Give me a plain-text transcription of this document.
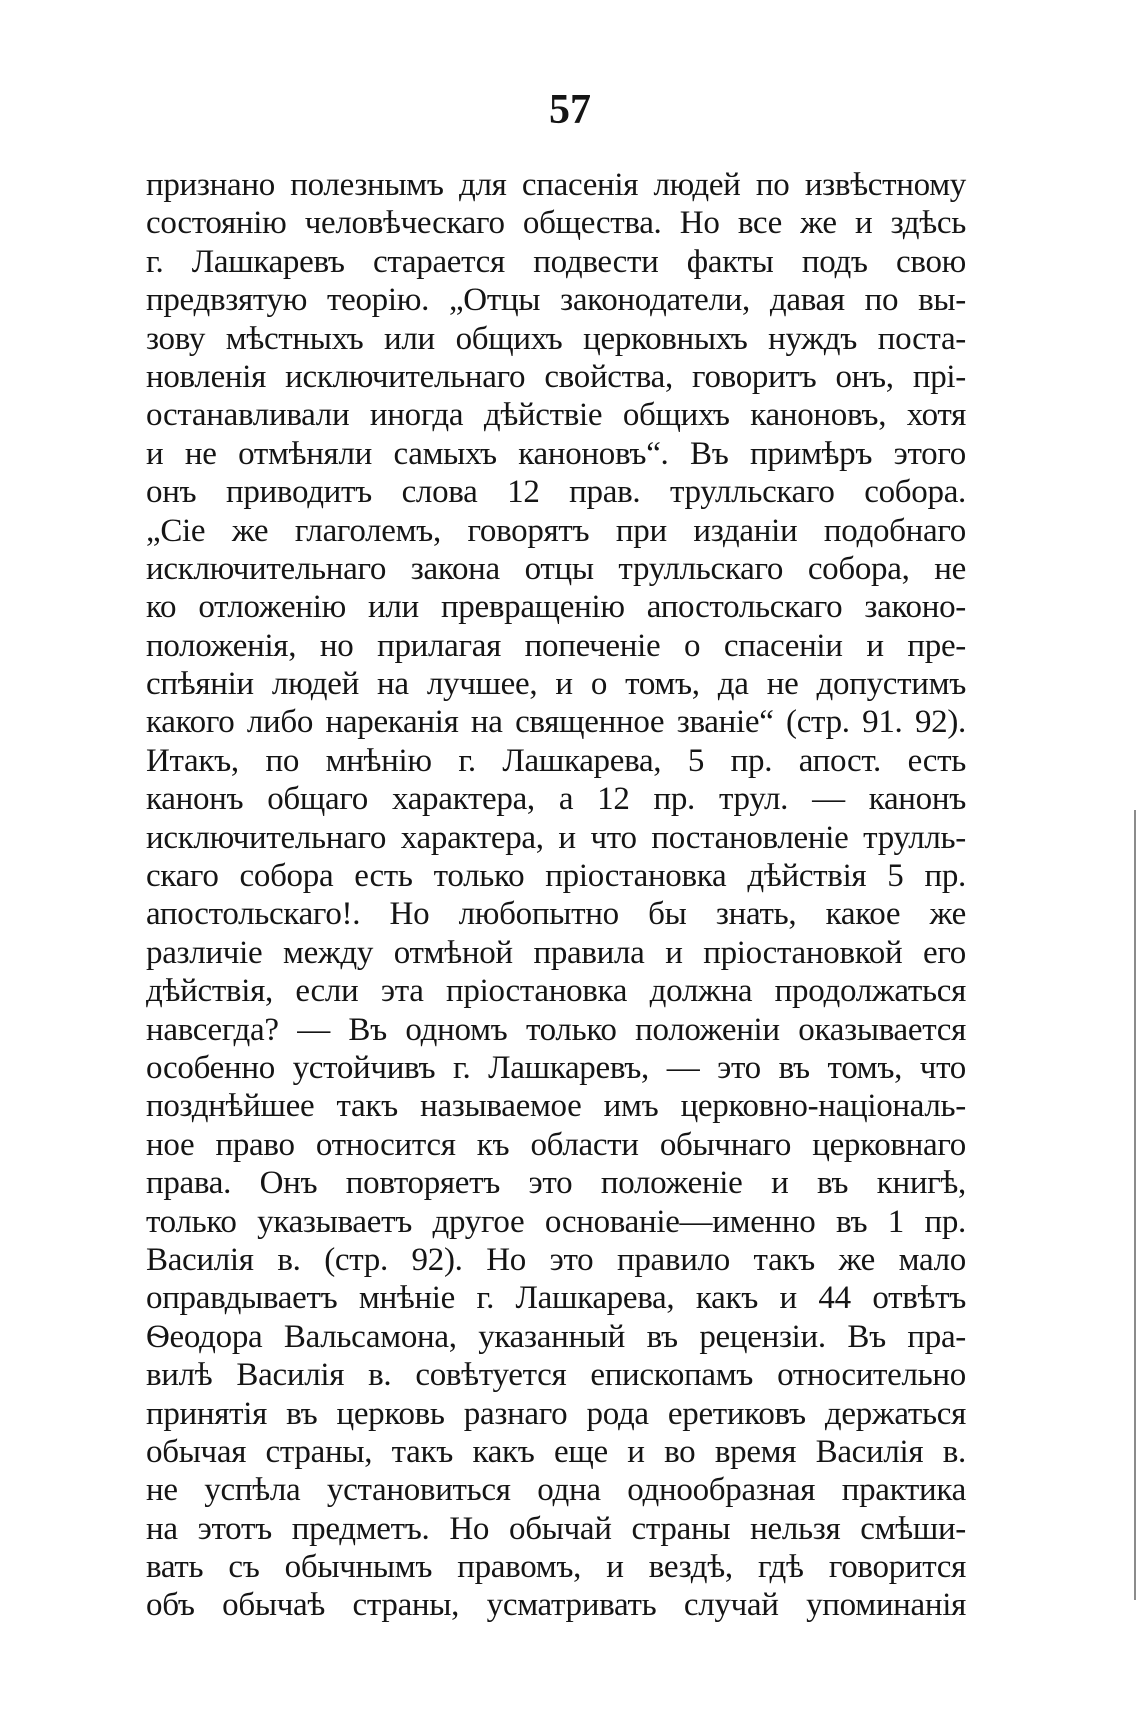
57
признано полезнымъ для спасенія людей по извѣстному
состоянію человѣческаго общества. Но все же и здѣсь
г. Лашкаревъ старается подвести факты подъ свою
предвзятую теорію. „Отцы законодатели, давая по вы-
зову мѣстныхъ или общихъ церковныхъ нуждъ поста-
новленія исключительнаго свойства, говоритъ онъ, прі-
останавливали иногда дѣйствіе общихъ каноновъ, хотя
и не отмѣняли самыхъ каноновъ“. Въ примѣръ этого
онъ приводитъ слова 12 прав. трулльскаго собора.
„Сіе же глаголемъ, говорятъ при изданіи подобнаго
исключительнаго закона отцы трулльскаго собора, не
ко отложенію или превращенію апостольскаго законо-
положенія, но прилагая попеченіе о спасеніи и пре-
спѣяніи людей на лучшее, и о томъ, да не допустимъ
какого либо нареканія на священное званіе“ (стр. 91. 92).
Итакъ, по мнѣнію г. Лашкарева, 5 пр. апост. есть
канонъ общаго характера, а 12 пр. трул. — канонъ
исключительнаго характера, и что постановленіе трулль-
скаго собора есть только пріостановка дѣйствія 5 пр.
апостольскаго!. Но любопытно бы знать, какое же
различіе между отмѣной правила и пріостановкой его
дѣйствія, если эта пріостановка должна продолжаться
навсегда? — Въ одномъ только положеніи оказывается
особенно устойчивъ г. Лашкаревъ, — это въ томъ, что
позднѣйшее такъ называемое имъ церковно-національ-
ное право относится къ области обычнаго церковнаго
права. Онъ повторяетъ это положеніе и въ книгѣ,
только указываетъ другое основаніе—именно въ 1 пр.
Василія в. (стр. 92). Но это правило такъ же мало
оправдываетъ мнѣніе г. Лашкарева, какъ и 44 отвѣтъ
Ѳеодора Вальсамона, указанный въ рецензіи. Въ пра-
вилѣ Василія в. совѣтуется епископамъ относительно
принятія въ церковь разнаго рода еретиковъ держаться
обычая страны, такъ какъ еще и во время Василія в.
не успѣла установиться одна однообразная практика
на этотъ предметъ. Но обычай страны нельзя смѣши-
вать съ обычнымъ правомъ, и вездѣ, гдѣ говорится
объ обычаѣ страны, усматривать случай упоминанія
